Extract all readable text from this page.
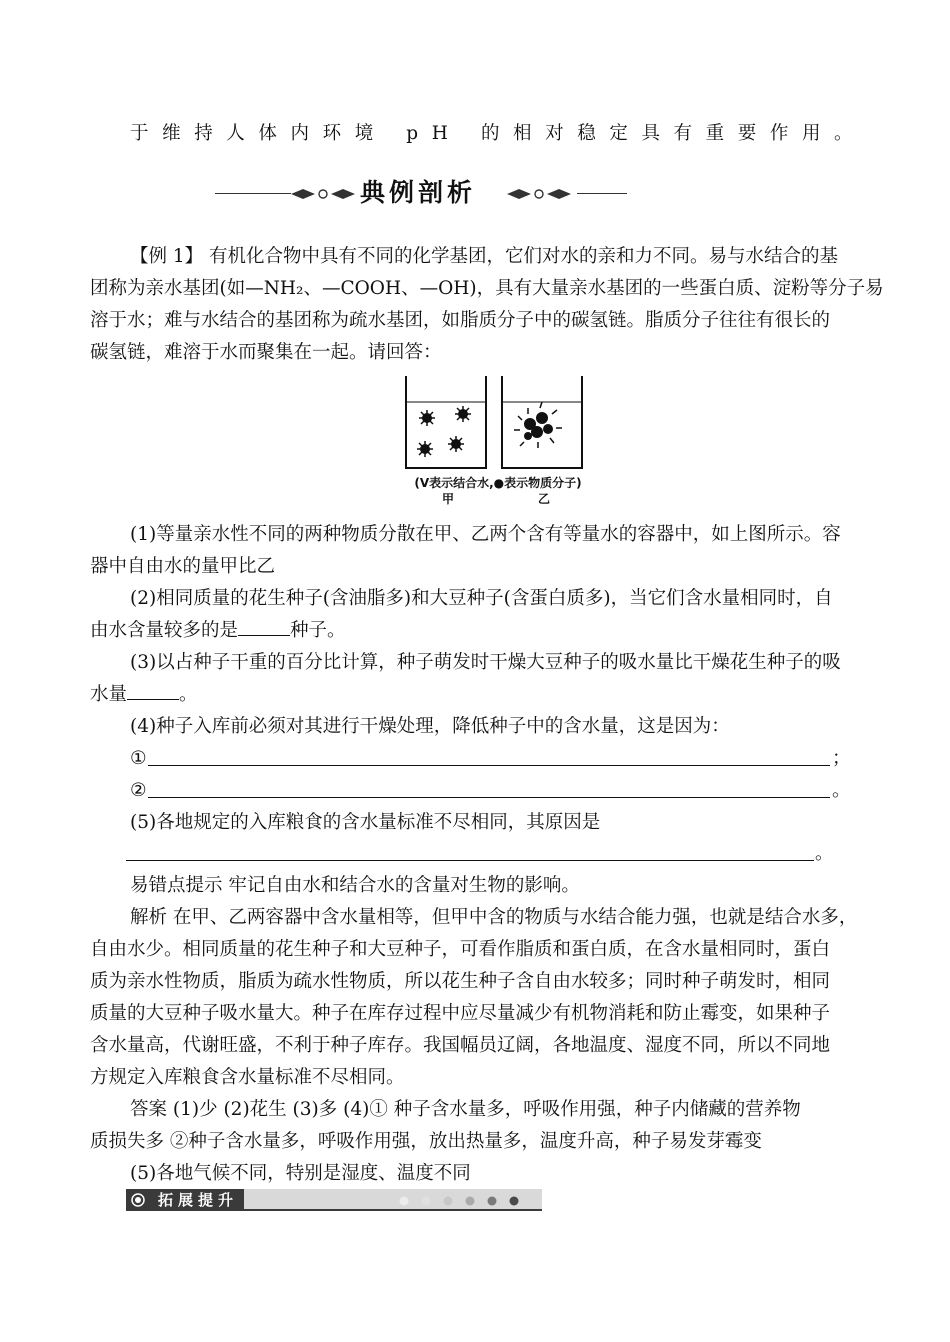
于维持人体内环境 pH 的相对稳定具有重要作用。
典例剖析
【例 1】 有机化合物中具有不同的化学基团，它们对水的亲和力不同。易与水结合的基
团称为亲水基团(如—NH₂、—COOH、—OH)，具有大量亲水基团的一些蛋白质、淀粉等分子易
溶于水；难与水结合的基团称为疏水基团，如脂质分子中的碳氢链。脂质分子往往有很长的
碳氢链，难溶于水而聚集在一起。请回答：
(V表示结合水,●表示物质分子)
甲	乙
(1)等量亲水性不同的两种物质分散在甲、乙两个含有等量水的容器中，如上图所示。容
器中自由水的量甲比乙
(2)相同质量的花生种子(含油脂多)和大豆种子(含蛋白质多)，当它们含水量相同时，自
由水含量较多的是	种子。
(3)以占种子干重的百分比计算，种子萌发时干燥大豆种子的吸水量比干燥花生种子的吸
水量	。
(4)种子入库前必须对其进行干燥处理，降低种子中的含水量，这是因为：
①	；
②	。
(5)各地规定的入库粮食的含水量标准不尽相同，其原因是
。
易错点提示 牢记自由水和结合水的含量对生物的影响。
解析 在甲、乙两容器中含水量相等，但甲中含的物质与水结合能力强，也就是结合水多，
自由水少。相同质量的花生种子和大豆种子，可看作脂质和蛋白质，在含水量相同时，蛋白
质为亲水性物质，脂质为疏水性物质，所以花生种子含自由水较多；同时种子萌发时，相同
质量的大豆种子吸水量大。种子在库存过程中应尽量减少有机物消耗和防止霉变，如果种子
含水量高，代谢旺盛，不利于种子库存。我国幅员辽阔，各地温度、湿度不同，所以不同地
方规定入库粮食含水量标准不尽相同。
答案 (1)少 (2)花生 (3)多 (4)① 种子含水量多，呼吸作用强，种子内储藏的营养物
质损失多 ②种子含水量多，呼吸作用强，放出热量多，温度升高，种子易发芽霉变
(5)各地气候不同，特别是湿度、温度不同
拓展提升
